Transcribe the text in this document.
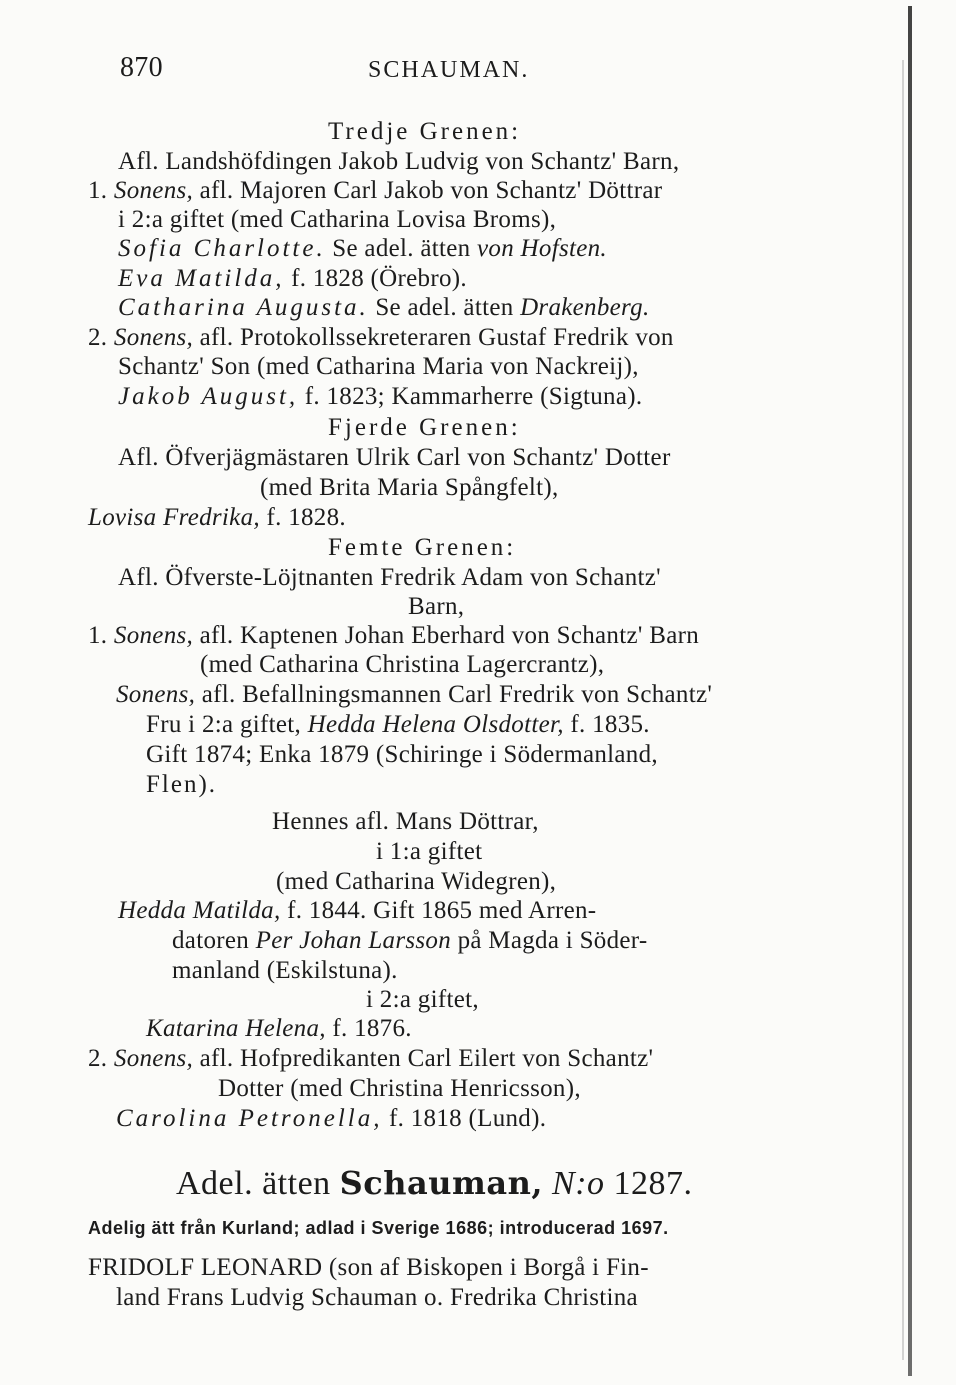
870	SCHAUMAN.
Tredje Grenen:
Afl. Landshöfdingen Jakob Ludvig von Schantz' Barn,
1. Sonens, afl. Majoren Carl Jakob von Schantz' Döttrar
i 2:a giftet (med Catharina Lovisa Broms),
Sofia Charlotte. Se adel. ätten von Hofsten.
Eva Matilda, f. 1828 (Örebro).
Catharina Augusta. Se adel. ätten Drakenberg.
2. Sonens, afl. Protokollssekreteraren Gustaf Fredrik von
Schantz' Son (med Catharina Maria von Nackreij),
Jakob August, f. 1823; Kammarherre (Sigtuna).
Fjerde Grenen:
Afl. Öfverjägmästaren Ulrik Carl von Schantz' Dotter
(med Brita Maria Spångfelt),
Lovisa Fredrika, f. 1828.
Femte Grenen:
Afl. Öfverste-Löjtnanten Fredrik Adam von Schantz'
Barn,
1. Sonens, afl. Kaptenen Johan Eberhard von Schantz' Barn
(med Catharina Christina Lagercrantz),
Sonens, afl. Befallningsmannen Carl Fredrik von Schantz'
Fru i 2:a giftet, Hedda Helena Olsdotter, f. 1835.
Gift 1874; Enka 1879 (Schiringe i Södermanland,
Flen).
Hennes afl. Mans Döttrar,
i 1:a giftet
(med Catharina Widegren),
Hedda Matilda, f. 1844. Gift 1865 med Arren-
datoren Per Johan Larsson på Magda i Söder-
manland (Eskilstuna).
i 2:a giftet,
Katarina Helena, f. 1876.
2. Sonens, afl. Hofpredikanten Carl Eilert von Schantz'
Dotter (med Christina Henricsson),
Carolina Petronella, f. 1818 (Lund).
Adel. ätten Schauman, N:o 1287.
Adelig ätt från Kurland; adlad i Sverige 1686; introducerad 1697.
FRIDOLF LEONARD (son af Biskopen i Borgå i Fin-
land Frans Ludvig Schauman o. Fredrika Christina
